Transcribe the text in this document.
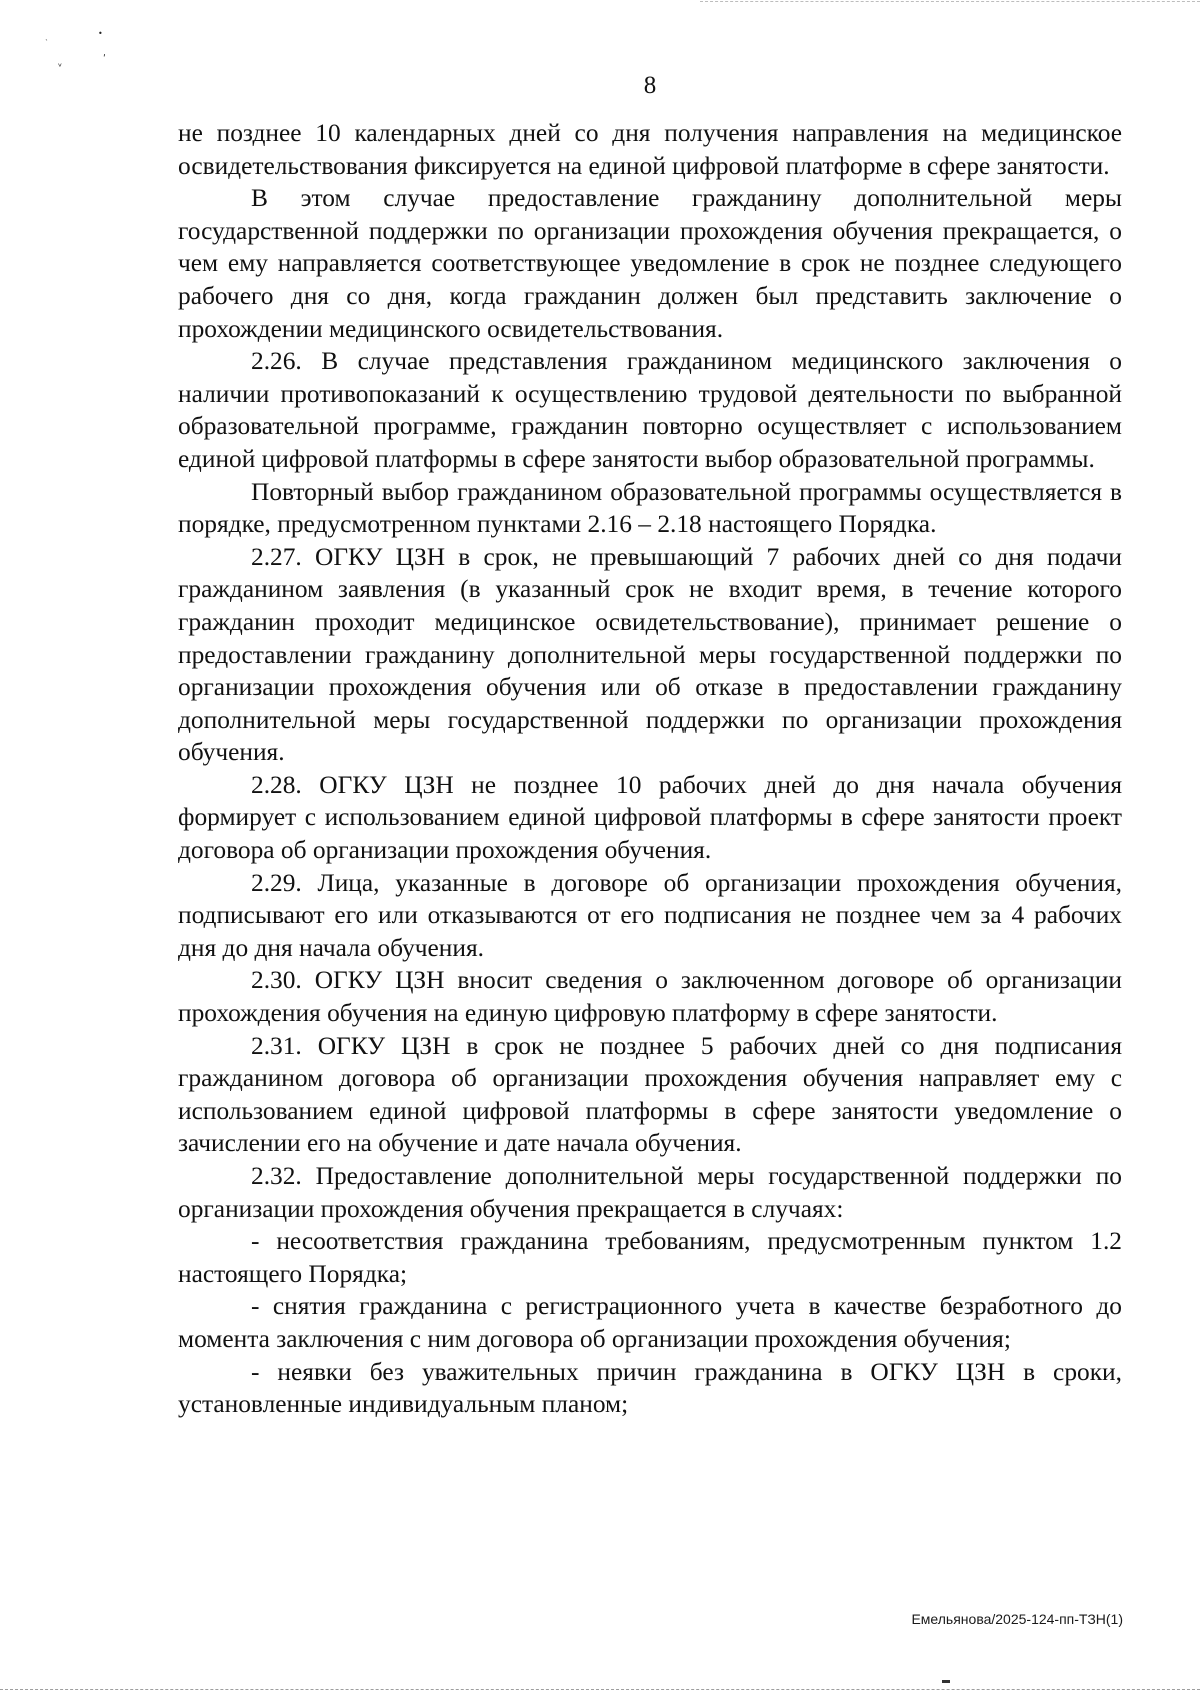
•
`
ᵛ
ʹ
8

не позднее 10 календарных дней со дня получения направления на медицинское освидетельствования фиксируется на единой цифровой платформе в сфере занятости.

В этом случае предоставление гражданину дополнительной меры государственной поддержки по организации прохождения обучения прекращается, о чем ему направляется соответствующее уведомление в срок не позднее следующего рабочего дня со дня, когда гражданин должен был представить заключение о прохождении медицинского освидетельствования.

2.26. В случае представления гражданином медицинского заключения о наличии противопоказаний к осуществлению трудовой деятельности по выбранной образовательной программе, гражданин повторно осуществляет с использованием единой цифровой платформы в сфере занятости выбор образовательной программы.

Повторный выбор гражданином образовательной программы осуществляется в порядке, предусмотренном пунктами 2.16 – 2.18 настоящего Порядка.

2.27. ОГКУ ЦЗН в срок, не превышающий 7 рабочих дней со дня подачи гражданином заявления (в указанный срок не входит время, в течение которого гражданин проходит медицинское освидетельствование), принимает решение о предоставлении гражданину дополнительной меры государственной поддержки по организации прохождения обучения или об отказе в предоставлении гражданину дополнительной меры государственной поддержки по организации прохождения обучения.

2.28. ОГКУ ЦЗН не позднее 10 рабочих дней до дня начала обучения формирует с использованием единой цифровой платформы в сфере занятости проект договора об организации прохождения обучения.

2.29. Лица, указанные в договоре об организации прохождения обучения, подписывают его или отказываются от его подписания не позднее чем за 4 рабочих дня до дня начала обучения.

2.30. ОГКУ ЦЗН вносит сведения о заключенном договоре об организации прохождения обучения на единую цифровую платформу в сфере занятости.

2.31. ОГКУ ЦЗН в срок не позднее 5 рабочих дней со дня подписания гражданином договора об организации прохождения обучения направляет ему с использованием единой цифровой платформы в сфере занятости уведомление о зачислении его на обучение и дате начала обучения.

2.32. Предоставление дополнительной меры государственной поддержки по организации прохождения обучения прекращается в случаях:

- несоответствия гражданина требованиям, предусмотренным пунктом 1.2 настоящего Порядка;

- снятия гражданина с регистрационного учета в качестве безработного до момента заключения с ним договора об организации прохождения обучения;

- неявки без уважительных причин гражданина в ОГКУ ЦЗН в сроки, установленные индивидуальным планом;

Емельянова/2025-124-пп-ТЗН(1)
